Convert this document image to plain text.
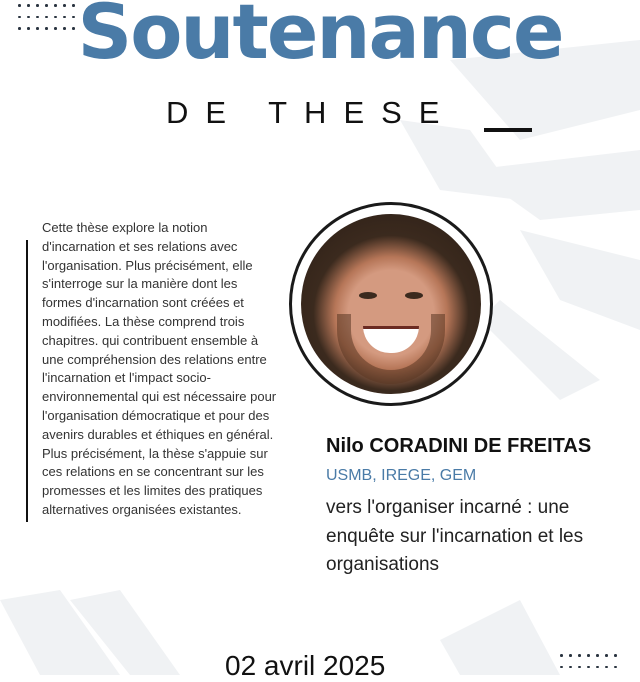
Soutenance
DE THESE
Cette thèse explore la notion d'incarnation et ses relations avec l'organisation. Plus précisément, elle s'interroge sur la manière dont les formes d'incarnation sont créées et modifiées. La thèse comprend trois chapitres. qui contribuent ensemble à une compréhension des relations entre l'incarnation et l'impact socio-environnemental qui est nécessaire pour l'organisation démocratique et pour des avenirs durables et éthiques en général. Plus précisément, la thèse s'appuie sur ces relations en se concentrant sur les promesses et les limites des pratiques alternatives organisées existantes.
Nilo CORADINI DE FREITAS
USMB, IREGE, GEM
vers l'organiser incarné : une enquête sur l'incarnation et les organisations
02 avril 2025
